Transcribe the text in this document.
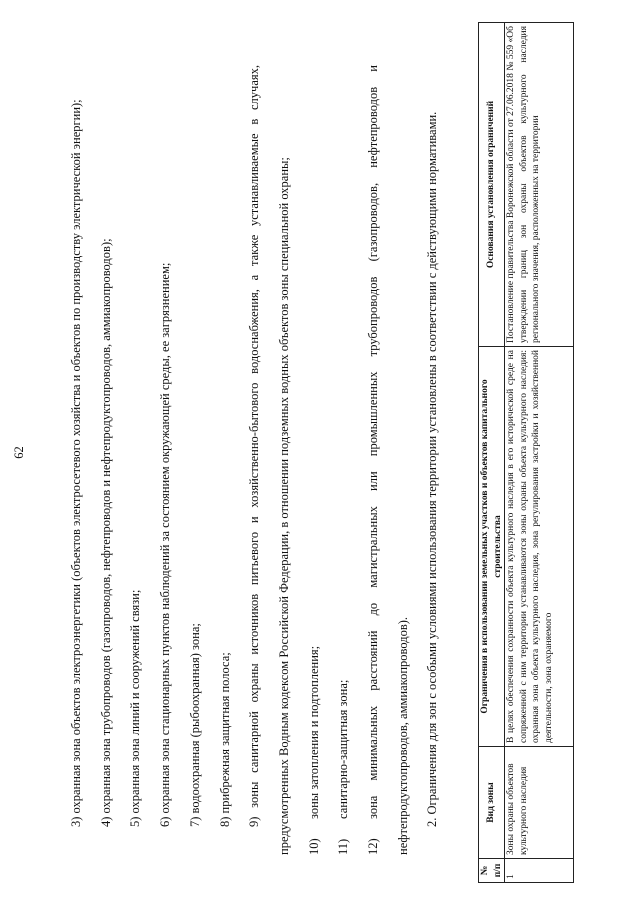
62	3) охранная зона объектов электроэнергетики (объектов электросетевого хозяйства и объектов по производству электрической энергии);	4) охранная зона трубопроводов (газопроводов, нефтепроводов и нефтепродуктопроводов, аммиакопроводов);	5) охранная зона линий и сооружений связи;	6) охранная зона стационарных пунктов наблюдений за состоянием окружающей среды, ее загрязнением;	7) водоохранная (рыбоохранная) зона;	8) прибрежная защитная полоса;	9) зоны санитарной охраны источников питьевого и хозяйственно-бытового водоснабжения, а также устанавливаемые в случаях, предусмотренных Водным кодексом Российской Федерации, в отношении подземных водных объектов зоны специальной охраны;	10)зоны затопления и подтопления;

11)санитарно-защитная зона;

12)зона минимальных расстояний до магистральных или промышленных трубопроводов (газопроводов, нефтепроводов и нефтепродуктопроводов, аммиакопроводов).	2. Ограничения для зон с особыми условиями использования территории установлены в соответствии с действующими нормативами.

№ п/п	Вид зоны	Ограничения в использовании земельных участков и объектов капитального строительства	Основания установления ограничений
1	Зоны охраны объектов культурного наследия	В целях обеспечения сохранности объекта культурного наследия в его исторической среде на сопряженной с ним территории устанавливаются зоны охраны объекта культурного наследия: охранная зона объекта культурного наследия, зона регулирования застройки и хозяйственной деятельности, зона охраняемого	Постановление правительства Воронежской области от 27.06.2018 № 559 «Об утверждении границ зон охраны объектов культурного наследия регионального значения, расположенных на территории
